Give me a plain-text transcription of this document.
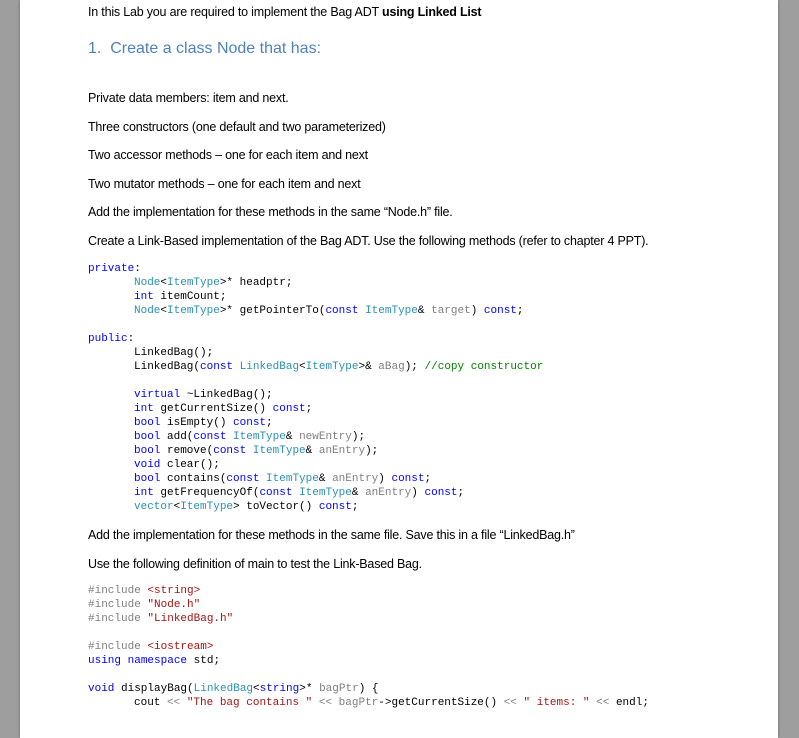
In this Lab you are required to implement the Bag ADT using Linked List
1. Create a class Node that has:
Private data members: item and next.
Three constructors (one default and two parameterized)
Two accessor methods – one for each item and next
Two mutator methods – one for each item and next
Add the implementation for these methods in the same “Node.h” file.
Create a Link-Based implementation of the Bag ADT. Use the following methods (refer to chapter 4 PPT).
private:
Node<ItemType>* headptr;
int itemCount;
Node<ItemType>* getPointerTo(const ItemType& target) const;

public:
LinkedBag();
LinkedBag(const LinkedBag<ItemType>& aBag); //copy constructor

virtual ~LinkedBag();
int getCurrentSize() const;
bool isEmpty() const;
bool add(const ItemType& newEntry);
bool remove(const ItemType& anEntry);
void clear();
bool contains(const ItemType& anEntry) const;
int getFrequencyOf(const ItemType& anEntry) const;
vector<ItemType> toVector() const;
Add the implementation for these methods in the same file. Save this in a file “LinkedBag.h”
Use the following definition of main to test the Link-Based Bag.
#include <string>
#include "Node.h"
#include "LinkedBag.h"

#include <iostream>
using namespace std;

void displayBag(LinkedBag<string>* bagPtr) {
cout << "The bag contains " << bagPtr->getCurrentSize() << " items: " << endl;
